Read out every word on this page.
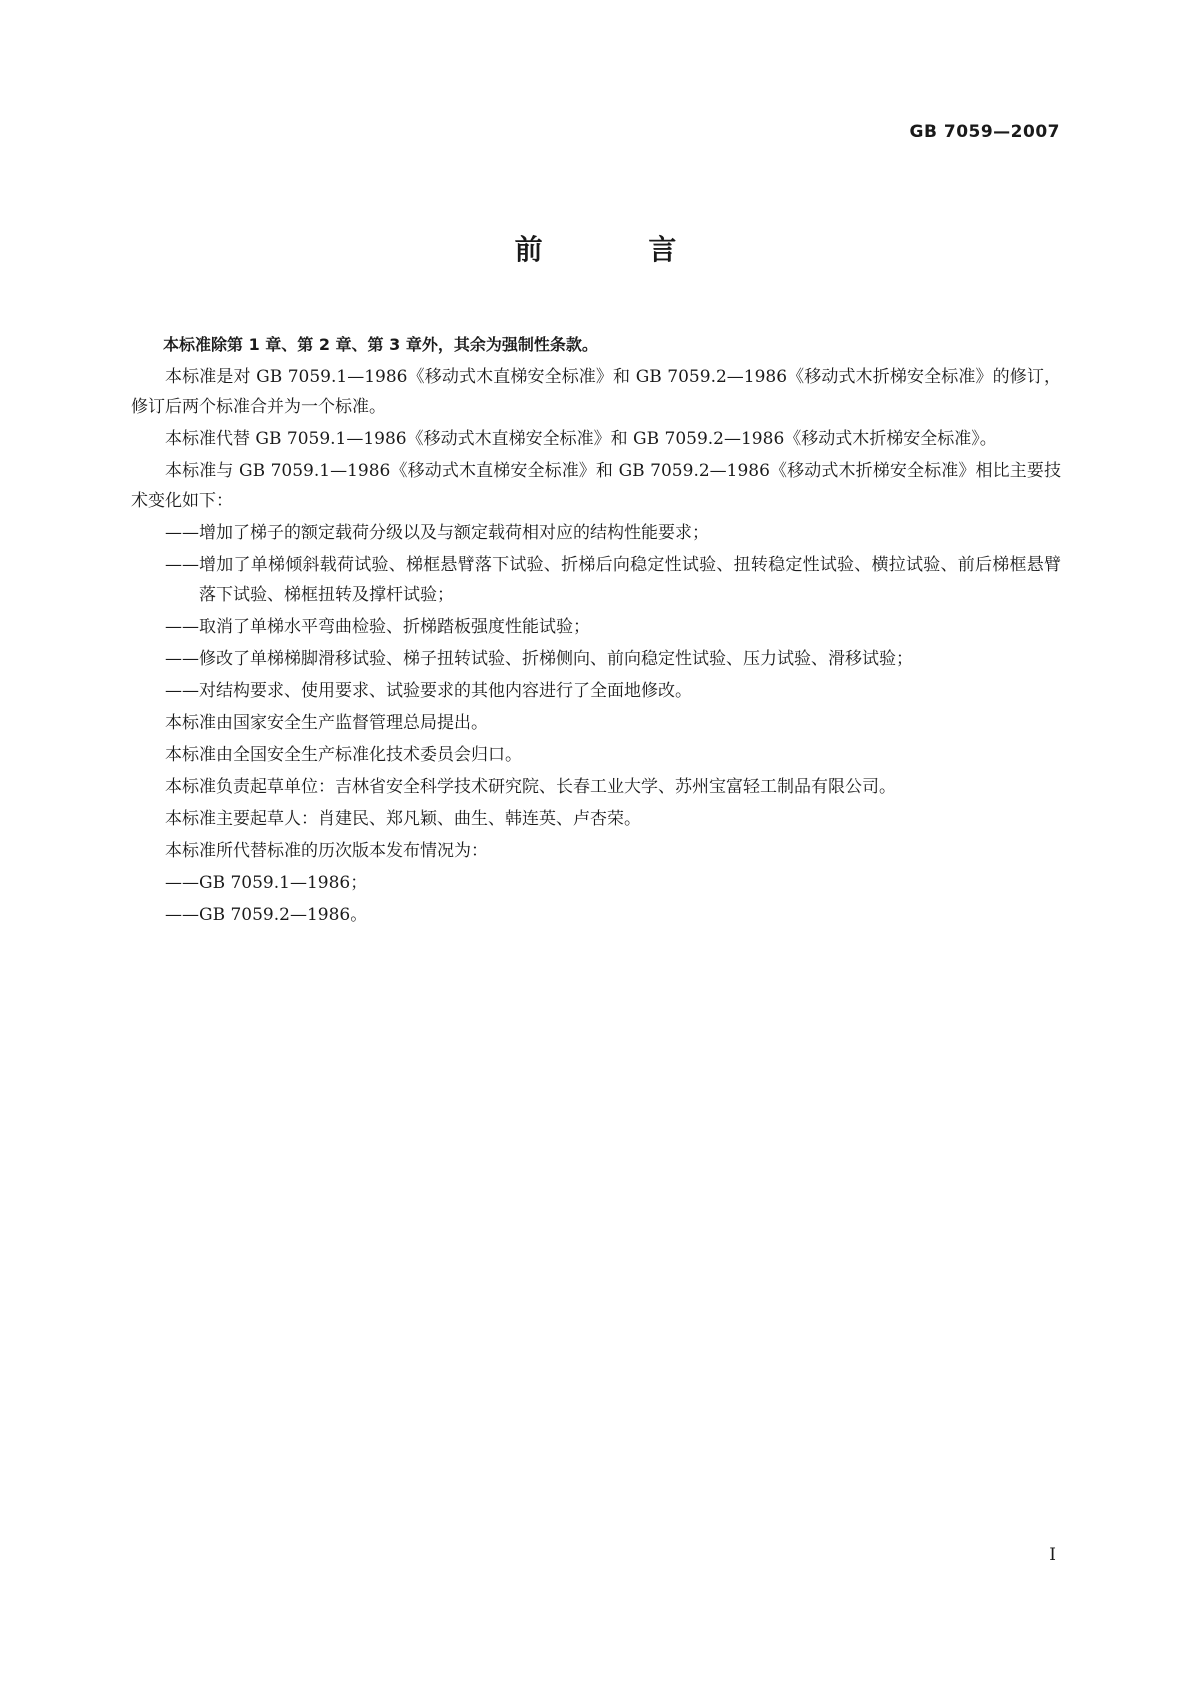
GB 7059—2007
前 言

本标准除第 1 章、第 2 章、第 3 章外，其余为强制性条款。

本标准是对 GB 7059.1—1986《移动式木直梯安全标准》和 GB 7059.2—1986《移动式木折梯安全标准》的修订，修订后两个标准合并为一个标准。

本标准代替 GB 7059.1—1986《移动式木直梯安全标准》和 GB 7059.2—1986《移动式木折梯安全标准》。

本标准与 GB 7059.1—1986《移动式木直梯安全标准》和 GB 7059.2—1986《移动式木折梯安全标准》相比主要技术变化如下：

—— 增加了梯子的额定载荷分级以及与额定载荷相对应的结构性能要求；

—— 增加了单梯倾斜载荷试验、梯框悬臂落下试验、折梯后向稳定性试验、扭转稳定性试验、横拉试验、前后梯框悬臂落下试验、梯框扭转及撑杆试验；

—— 取消了单梯水平弯曲检验、折梯踏板强度性能试验；

—— 修改了单梯梯脚滑移试验、梯子扭转试验、折梯侧向、前向稳定性试验、压力试验、滑移试验；

—— 对结构要求、使用要求、试验要求的其他内容进行了全面地修改。

本标准由国家安全生产监督管理总局提出。

本标准由全国安全生产标准化技术委员会归口。

本标准负责起草单位：吉林省安全科学技术研究院、长春工业大学、苏州宝富轻工制品有限公司。

本标准主要起草人：肖建民、郑凡颖、曲生、韩连英、卢杏荣。

本标准所代替标准的历次版本发布情况为：

—— GB 7059.1—1986；

—— GB 7059.2—1986。

I
